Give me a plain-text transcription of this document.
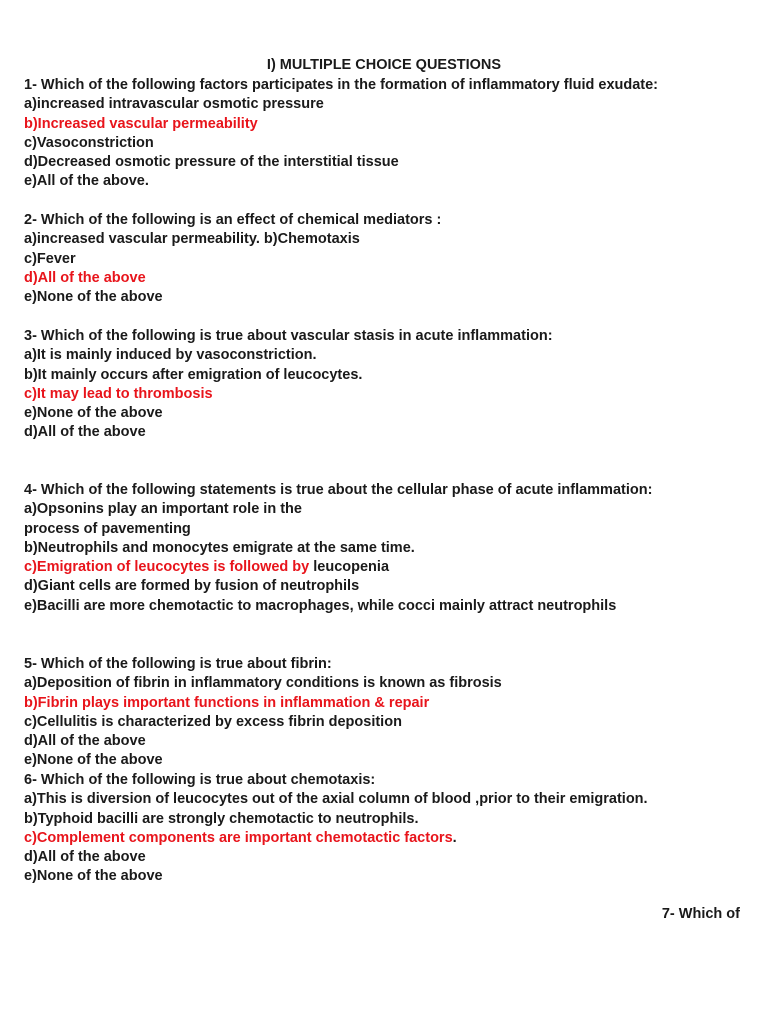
I) MULTIPLE CHOICE QUESTIONS
1- Which of the following factors participates in the formation of inflammatory fluid exudate:
a)increased intravascular osmotic pressure
b)Increased vascular permeability
c)Vasoconstriction
d)Decreased osmotic pressure of the interstitial tissue
e)All of the above.
2- Which of the following is an effect of chemical mediators :
a)increased vascular permeability. b)Chemotaxis
c)Fever
d)All of the above
e)None of the above
3- Which of the following is true about vascular stasis in acute inflammation:
a)It is mainly induced by vasoconstriction.
b)It mainly occurs after emigration of leucocytes.
c)It may lead to thrombosis
e)None of the above
d)All of the above
4- Which of the following statements is true about the cellular phase of acute inflammation:
a)Opsonins play an important role in the
process of pavementing
b)Neutrophils and monocytes emigrate at the same time.
c)Emigration of leucocytes is followed by leucopenia
d)Giant cells are formed by fusion of neutrophils
e)Bacilli are more chemotactic to macrophages, while cocci mainly attract neutrophils
5- Which of the following is true about fibrin:
a)Deposition of fibrin in inflammatory conditions is known as fibrosis
b)Fibrin plays important functions in inflammation & repair
c)Cellulitis is characterized by excess fibrin deposition
d)All of the above
e)None of the above
6- Which of the following is true about chemotaxis:
a)This is diversion of leucocytes out of the axial column of blood ,prior to their emigration.
b)Typhoid bacilli are strongly chemotactic to neutrophils.
c)Complement components are important chemotactic factors.
d)All of the above
e)None of the above
7- Which of
